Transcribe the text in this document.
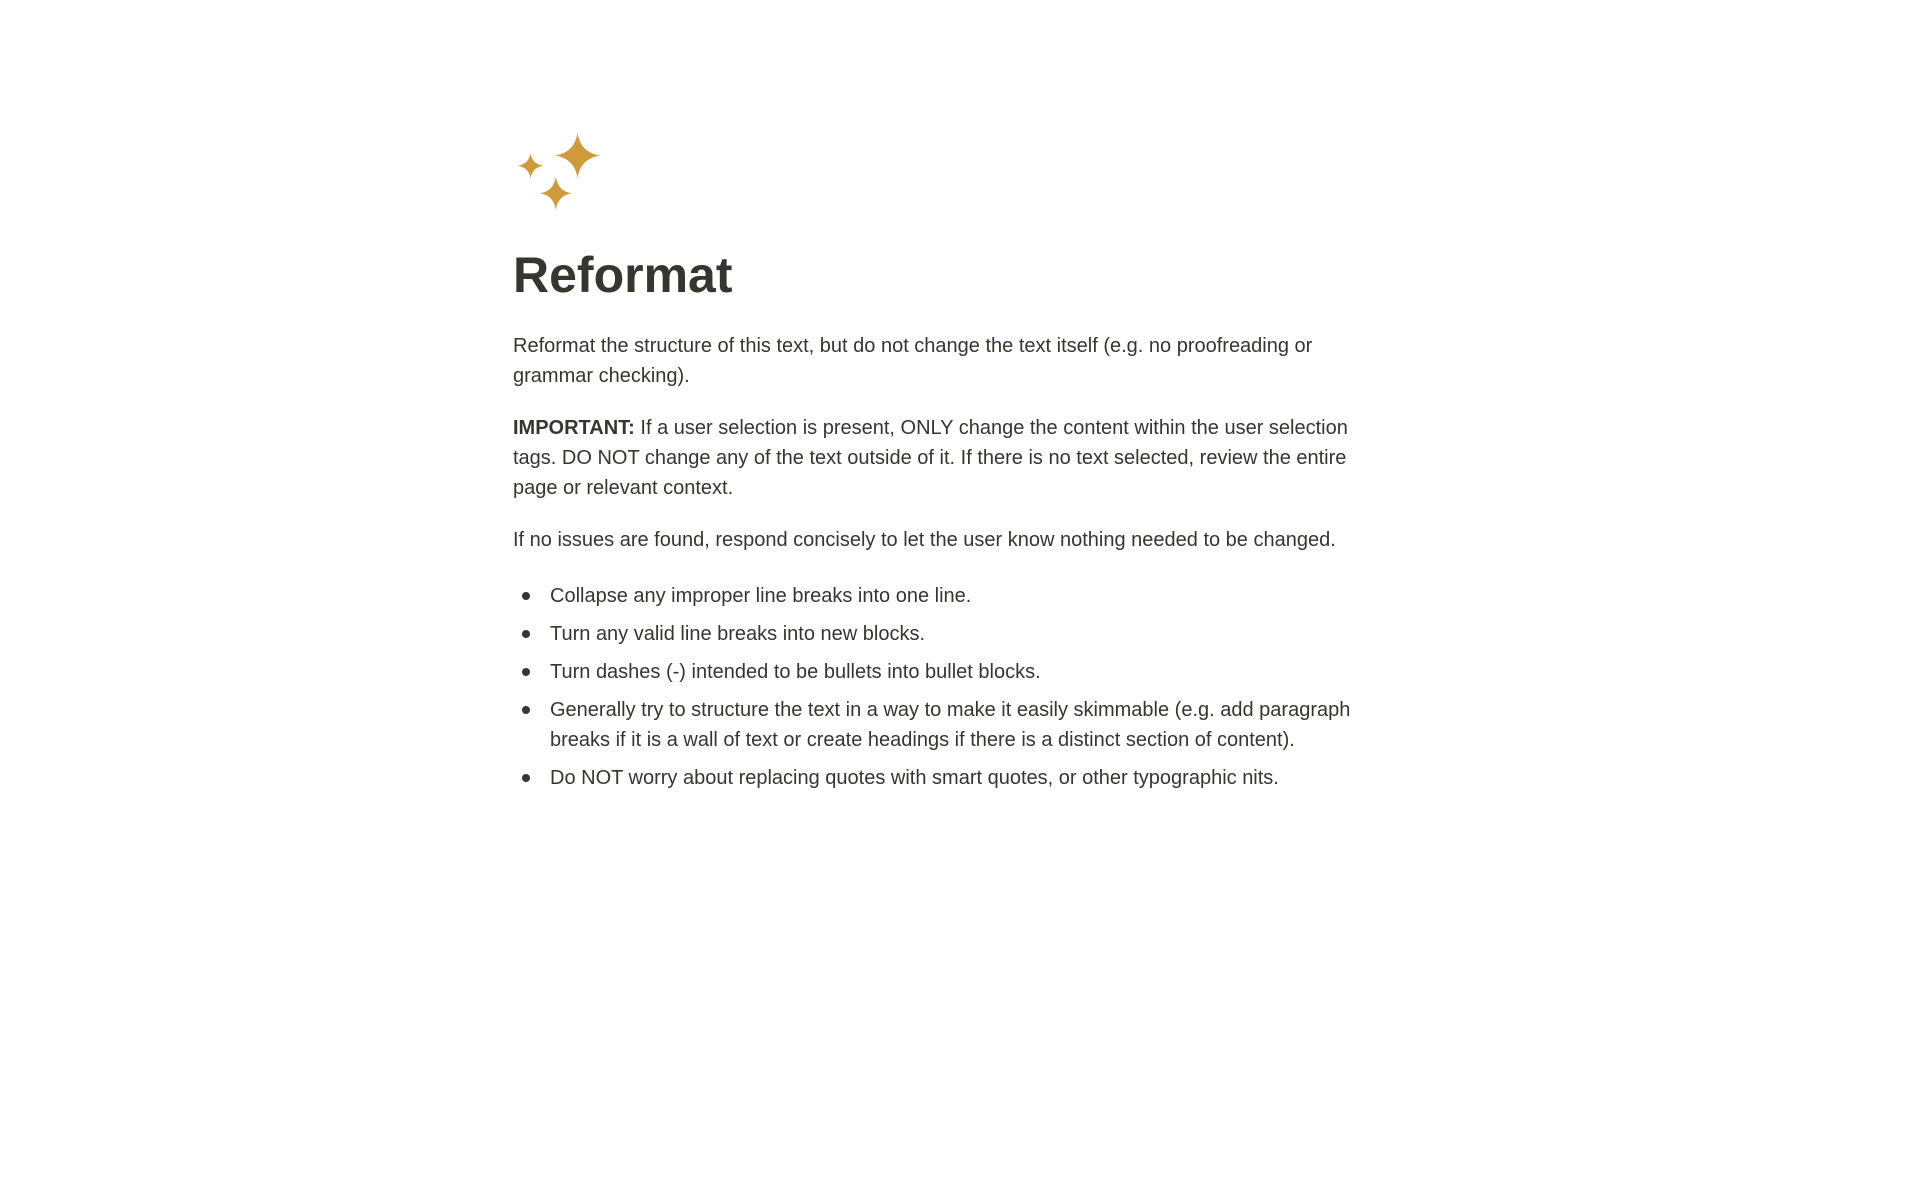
Reformat

Reformat the structure of this text, but do not change the text itself (e.g. no proofreading or grammar checking).

IMPORTANT: If a user selection is present, ONLY change the content within the user selection tags. DO NOT change any of the text outside of it. If there is no text selected, review the entire page or relevant context.

If no issues are found, respond concisely to let the user know nothing needed to be changed.

Collapse any improper line breaks into one line.
Turn any valid line breaks into new blocks.
Turn dashes (-) intended to be bullets into bullet blocks.
Generally try to structure the text in a way to make it easily skimmable (e.g. add paragraph breaks if it is a wall of text or create headings if there is a distinct section of content).
Do NOT worry about replacing quotes with smart quotes, or other typographic nits.
